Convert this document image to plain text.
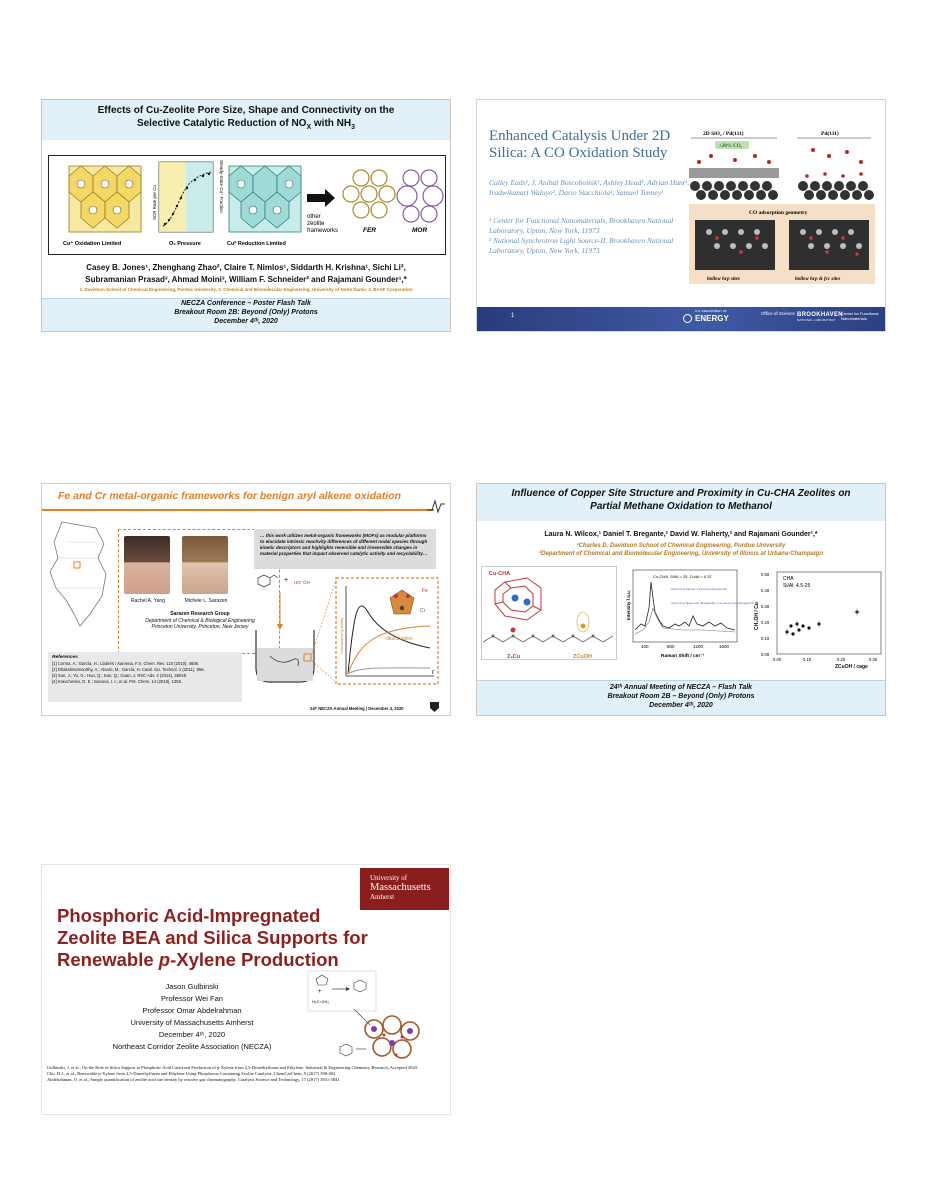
Effects of Cu-Zeolite Pore Size, Shape and Connectivity on the
Selective Catalytic Reduction of $NO_X$ with $NH_3$
Cu⁺ Oxidation Limited
SCR Rate per Cu	Steady-State Cu⁺ Fraction
O₂ Pressure	Cuᴵᴵ Reduction Limited
other zeolite frameworks	FER	MOR
Casey B. Jones¹, Zhenghang Zhao², Claire T. Nimlos¹, Siddarth H. Krishna¹, Sichi Li²,
Subramanian Prasad³, Ahmad Moini³, William F. Schneider² and Rajamani Gounder¹,*
1. Davidson School of Chemical Engineering, Purdue University, 2. Chemical and Biomolecular Engineering, University of Notre Dame, 3. BASF Corporation
NECZA Conference – Poster Flash Talk
Breakout Room 2B: Beyond (Only) Protons
December 4ᵗʰ, 2020
Enhanced Catalysis Under 2D Silica: A CO Oxidation Study
Calley Eads¹, J. Anibal Boscoboinik¹, Ashley Head¹, Adrian Hunt², Iradwikanari Waluyo², Dario Stacchiola¹, Samuel Tenney¹
¹ Center for Functional Nanomaterials, Brookhaven National Laboratory, Upton, New York, 11973
² National Synchrotron Light Source-II, Brookhaven National Laboratory, Upton, New York, 11973
2D SiO₂ / Pd(111)	Pd(111)
+20% CO₂
CO adsorption geometry
hollow hcp sites	hollow hcp & fcc sites
1
U.S. DEPARTMENT OF
ENERGY
Office of Science BROOKHAVEN
NATIONAL LABORATORY
Center for Functional Nanomaterials
Fe and Cr metal-organic frameworks for benign aryl alkene oxidation
Rachel A. Yang	Michele L. Sarazen
Sarazen Research Group
Department of Chemical & Biological Engineering
Princeton University, Princeton, New Jersey
References
[1] Corma, A.; García, H.; Llabrés i Xamena, F.X. Chem. Rev. 110 (2010), 4606.
[2] Dhakshinamoorthy, A.; Alvaro, M.; García, H. Catal. Sci. Technol. 1 (2011), 856.
[3] Sun, J.; Yu, G.; Huo, Q.; Kan, Q.; Guan, J. RSC Adv. 4 (2014), 38048.
[4] Kravchenko, D. E.; Ivanova, I. I.; et al. Pet. Chem. 14 (2018), 1255.
… this work utilizes metal-organic frameworks (MOFs) as modular platforms to elucidate intrinsic reactivity differences of different nodal species through kinetic descriptors and highlights reversible and irreversible changes in material properties that impact observed catalytic activity and recyclability…
+ HO⁻OH
Normalized Quantity
Fe
Cr
deactivation
t
24ᵗʰ NECZA Annual Meeting | December 4, 2020
Influence of Copper Site Structure and Proximity in Cu-CHA Zeolites on
Partial Methane Oxidation to Methanol
Laura N. Wilcox,¹ Daniel T. Bregante,² David W. Flaherty,² and Rajamani Gounder¹,*
¹Charles D. Davidson School of Chemical Engineering, Purdue University
²Department of Chemical and Biomolecular Engineering, University of Illinois at Urbana-Champaign
Cu-CHA
Z₂Cu	ZCuOH
Cu-CHA, Si/Al = 25, Cu/Al = 0.37
v(Cu-O) of trans-μ-1,2-peroxo dicopper(II)
v(Cu-O) of bis(μ-oxo) dicopper(II) or mono-(μ-oxo) dicopper(II)
Intensity / a.u.
400	800	1200	1600
Raman Shift / cm⁻¹
CHA
Si/Al: 4.5-25
CH₃OH / Cu
0.50
0.40
0.30
0.20
0.10
0.00
0.00	0.10	0.20	0.30
ZCuOH / cage
24ᵗʰ Annual Meeting of NECZA – Flash Talk
Breakout Room 2B – Beyond (Only) Protons
December 4ᵗʰ, 2020
University of
Massachusetts
Amherst
Phosphoric Acid-Impregnated
Zeolite BEA and Silica Supports for
Renewable p-Xylene Production
Jason Gulbinski
Professor Wei Fan
Professor Omar Abdelrahman
University of Massachusetts Amherst
December 4ᵗʰ, 2020
Northeast Corridor Zeolite Association (NECZA)
+
H₂C=CH₂
Gulbinski, J. et al., On the Role of Silica Support in Phosphoric Acid Catalyzed Production of p-Xylene from 2,5-Dimethylfuran and Ethylene. Industrial & Engineering Chemistry Research, Accepted 2020.
Cho, H.J., et al., Renewable p-Xylene from 2,5-Dimethylfuran and Ethylene Using Phosphorus-Containing Zeolite Catalysts. ChemCatChem, 9 (2017) 398-402.
Abdelrahman, O. et al., Simple quantification of zeolite acid site density by reactive gas chromatography. Catalysis Science and Technology, 17 (2017) 3831-3841.
